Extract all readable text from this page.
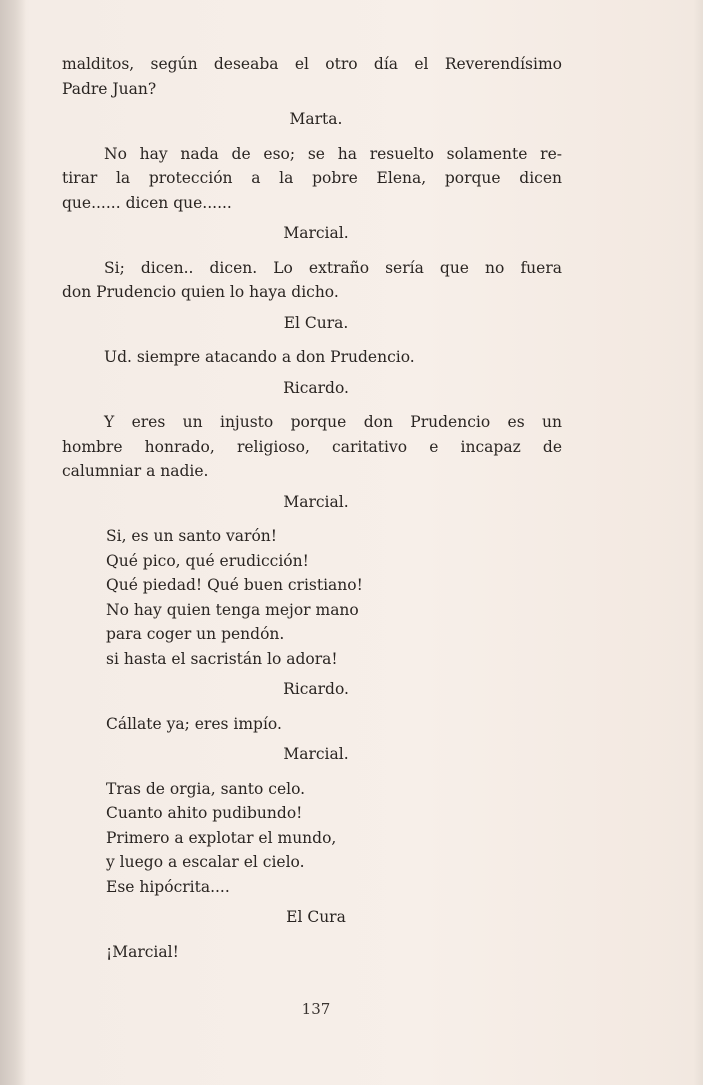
malditos, según deseaba el otro día el Reverendísimo
Padre Juan?
Marta.
No hay nada de eso; se ha resuelto solamente re-
tirar la protección a la pobre Elena, porque dicen
que...... dicen que......
Marcial.
Si; dicen.. dicen. Lo extraño sería que no fuera
don Prudencio quien lo haya dicho.
El Cura.
Ud. siempre atacando a don Prudencio.
Ricardo.
Y eres un injusto porque don Prudencio es un
hombre honrado, religioso, caritativo e incapaz de
calumniar a nadie.
Marcial.
Si, es un santo varón!
Qué pico, qué erudicción!
Qué piedad! Qué buen cristiano!
No hay quien tenga mejor mano
para coger un pendón.
si hasta el sacristán lo adora!
Ricardo.
Cállate ya; eres impío.
Marcial.
Tras de orgia, santo celo.
Cuanto ahito pudibundo!
Primero a explotar el mundo,
y luego a escalar el cielo.
Ese hipócrita....
El Cura
¡Marcial!
137
